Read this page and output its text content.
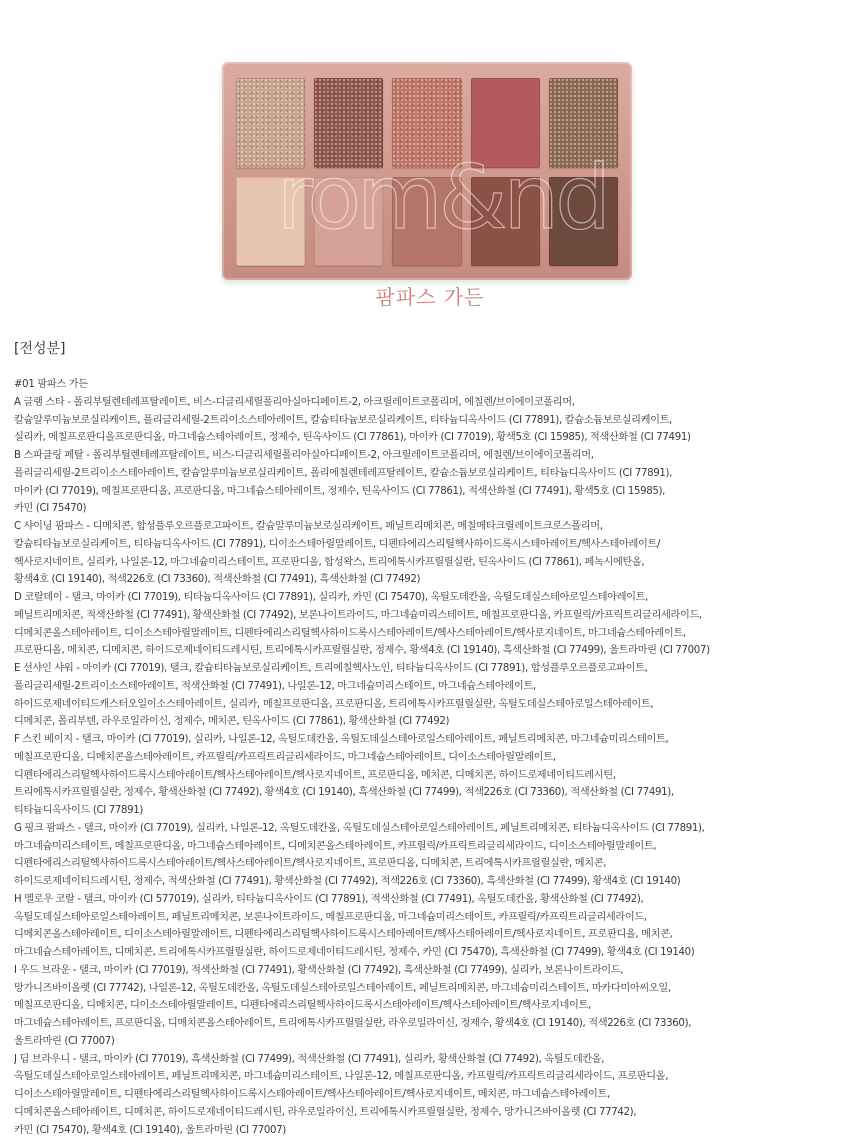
팜파스 가든
[전성분]
#01 팜파스 가든
A 글램 스타 - 폴리부틸렌테레프탈레이트, 비스-디글리세릴폴리아실아디페이트-2, 아크릴레이트코폴리머, 에칠렌/브이에이코폴리머,
칼슘알루미늄보로실리케이트, 폴리글리세릴-2트리이소스테아레이트, 칼슘티타늄보로실리케이트, 티타늄디옥사이드 (CI 77891), 칼슘소듐보로실리케이트,
실리카, 메칠프로판디올프로판디올, 마그네슘스테아레이트, 정제수, 틴옥사이드 (CI 77861), 마이카 (CI 77019), 황색5호 (CI 15985), 적색산화철 (CI 77491)
B 스파클링 페탈 - 폴리부틸렌테레프탈레이트, 비스-디글리세릴폴리아실아디페이트-2, 아크릴레이트코폴리머, 에칠렌/브이에이코폴리머,
폴리글리세릴-2트리이소스테아레이트, 칼슘알루미늄보로실리케이트, 폴리에칠렌테레프탈레이트, 칼슘소듐보로실리케이트, 티타늄디옥사이드 (CI 77891),
마이카 (CI 77019), 메칠프로판디올, 프로판디올, 마그네슘스테아레이트, 정제수, 틴옥사이드 (CI 77861), 적색산화철 (CI 77491), 황색5호 (CI 15985),
카민 (CI 75470)
C 샤이닝 팜파스 - 디메치콘, 합성플루오르플로고파이트, 칼슘알루미늄보로실리케이트, 페닐트리메치콘, 메칠메타크릴레이트크로스폴리머,
칼슘티타늄보로실리케이트, 티타늄디옥사이드 (CI 77891), 디이소스테아릴말레이트, 디펜타에리스리틸헥사하이드록시스테아레이트/헥사스테아레이트/
헥사로지네이트, 실리카, 나일론-12, 마그네슘미리스테이트, 프로판디올, 합성왁스, 트리에톡시카프릴릴실란, 틴옥사이드 (CI 77861), 페녹시에탄올,
황색4호 (CI 19140), 적색226호 (CI 73360), 적색산화철 (CI 77491), 흑색산화철 (CI 77492)
D 코랄데이 - 탤크, 마이카 (CI 77019), 티타늄디옥사이드 (CI 77891), 실리카, 카민 (CI 75470), 옥틸도데칸올, 옥틸도데실스테아로일스테아레이트,
페닐트리메치콘, 적색산화철 (CI 77491), 황색산화철 (CI 77492), 보론나이트라이드, 마그네슘미리스테이트, 메칠프로판디올, 카프릴릭/카프릭트리글리세라이드,
디메치콘올스테아레이트, 디이소스테아릴말레이트, 디펜타에리스리틸헥사하이드록시스테아레이트/헥사스테아레이트/헥사로지네이트, 마그네슘스테아레이트,
프로판디올, 메치콘, 디메치콘, 하이드로제네이티드레시틴, 트리에톡시카프릴릴실란, 정제수, 황색4호 (CI 19140), 흑색산화철 (CI 77499), 울트라마린 (CI 77007)
E 선샤인 샤워 - 마이카 (CI 77019), 탤크, 칼슘티타늄보로실리케이트, 트리에칠헥사노인, 티타늄디옥사이드 (CI 77891), 합성플루오르플로고파이트,
폴리글리세릴-2트리이소스테아레이트, 적색산화철 (CI 77491), 나일론-12, 마그네슘미리스테이트, 마그네슘스테아레이트,
하이드로제네이티드캐스터오일이소스테아레이트, 실리카, 메칠프로판디올, 프로판디올, 트리에톡시카프릴릴실란, 옥틸도데실스테아로일스테아레이트,
디메치콘, 폴리부텐, 라우로일라이신, 정제수, 메치콘, 틴옥사이드 (CI 77861), 황색산화철 (CI 77492)
F 스킨 베이지 - 탤크, 마이카 (CI 77019), 실리카, 나일론-12, 옥틸도데칸올, 옥틸도데실스테아로일스테아레이트, 페닐트리메치콘, 마그네슘미리스테이트,
메칠프로판디올, 디메치콘올스테아레이트, 카프릴릭/카프릭트리글리세라이드, 마그네슘스테아레이트, 디이소스테아릴말레이트,
디펜타에리스리틸헥사하이드록시스테아레이트/헥사스테아레이트/헥사로지네이트, 프로판디올, 메치콘, 디메치콘, 하이드로제네이티드레시틴,
트리에톡시카프릴릴실란, 정제수, 황색산화철 (CI 77492), 황색4호 (CI 19140), 흑색산화철 (CI 77499), 적색226호 (CI 73360), 적색산화철 (CI 77491),
티타늄디옥사이드 (CI 77891)
G 핑크 팜파스 - 탤크, 마이카 (CI 77019), 실리카, 나일론-12, 옥틸도데칸올, 옥틸도데실스테아로일스테아레이트, 페닐트리메치콘, 티타늄디옥사이드 (CI 77891),
마그네슘미리스테이트, 메칠프로판디올, 마그네슘스테아레이트, 디메치콘올스테아레이트, 카프릴릭/카프릭트리글리세라이드, 디이소스테아릴말레이트,
디펜타에리스리틸헥사하이드록시스테아레이트/헥사스테아레이트/헥사로지네이트, 프로판디올, 디메치콘, 트리에톡시카프릴릴실란, 메치콘,
하이드로제네이티드레시틴, 정제수, 적색산화철 (CI 77491), 황색산화철 (CI 77492), 적색226호 (CI 73360), 흑색산화철 (CI 77499), 황색4호 (CI 19140)
H 멜로우 코랄 - 탤크, 마이카 (CI 577019), 실리카, 티타늄디옥사이드 (CI 77891), 적색산화철 (CI 77491), 옥틸도데칸올, 황색산화철 (CI 77492),
옥틸도데실스테아로일스테아레이트, 페닐트리메치콘, 보론나이트라이드, 메칠프로판디올, 마그네슘미리스테이트, 카프릴릭/카프릭트리글리세라이드,
디메치콘올스테아레이트, 디이소스테아릴말레이트, 디펜타에리스리틸헥사하이드록시스테아레이트/헥사스테아레이트/헥사로지네이트, 프로판디올, 메치콘,
마그네슘스테아레이트, 디메치콘, 트리에톡시카프릴릴실란, 하이드로제네이티드레시틴, 정제수, 카민 (CI 75470), 흑색산화철 (CI 77499), 황색4호 (CI 19140)
I 우드 브라운 - 탤크, 마이카 (CI 77019), 적색산화철 (CI 77491), 황색산화철 (CI 77492), 흑색산화철 (CI 77499), 실리카, 보론나이트라이드,
망가니즈바이올렛 (CI 77742), 나일론-12, 옥틸도데칸올, 옥틸도데실스테아로일스테아레이트, 페닐트리메치콘, 마그네슘미리스테이트, 마카다미아씨오일,
메칠프로판디올, 디메치콘, 디이소스테아릴말레이트, 디펜타에리스리틸헥사하이드록시스테아레이트/헥사스테아레이트/헥사로지네이트,
마그네슘스테아레이트, 프로판디올, 디메치콘올스테아레이트, 트리에톡시카프릴릴실란, 라우로일라이신, 정제수, 황색4호 (CI 19140), 적색226호 (CI 73360),
울트라마린 (CI 77007)
J 딥 브라우니 - 탤크, 마이카 (CI 77019), 흑색산화철 (CI 77499), 적색산화철 (CI 77491), 실리카, 황색산화철 (CI 77492), 옥틸도데칸올,
옥틸도데실스테아로일스테아레이트, 페닐트리메치콘, 마그네슘미리스테이트, 나일론-12, 메칠프로판디올, 카프릴릭/카프릭트리글리세라이드, 프로판디올,
디이소스테아릴말레이트, 디펜타에리스리틸헥사하이드록시스테아레이트/헥사스테아레이트/헥사로지네이트, 메치콘, 마그네슘스테아레이트,
디메치콘올스테아레이트, 디메치콘, 하이드로제네이티드레시틴, 라우로일라이신, 트리에톡시카프릴릴실란, 정제수, 망가니즈바이올렛 (CI 77742),
카민 (CI 75470), 황색4호 (CI 19140), 울트라마린 (CI 77007)
